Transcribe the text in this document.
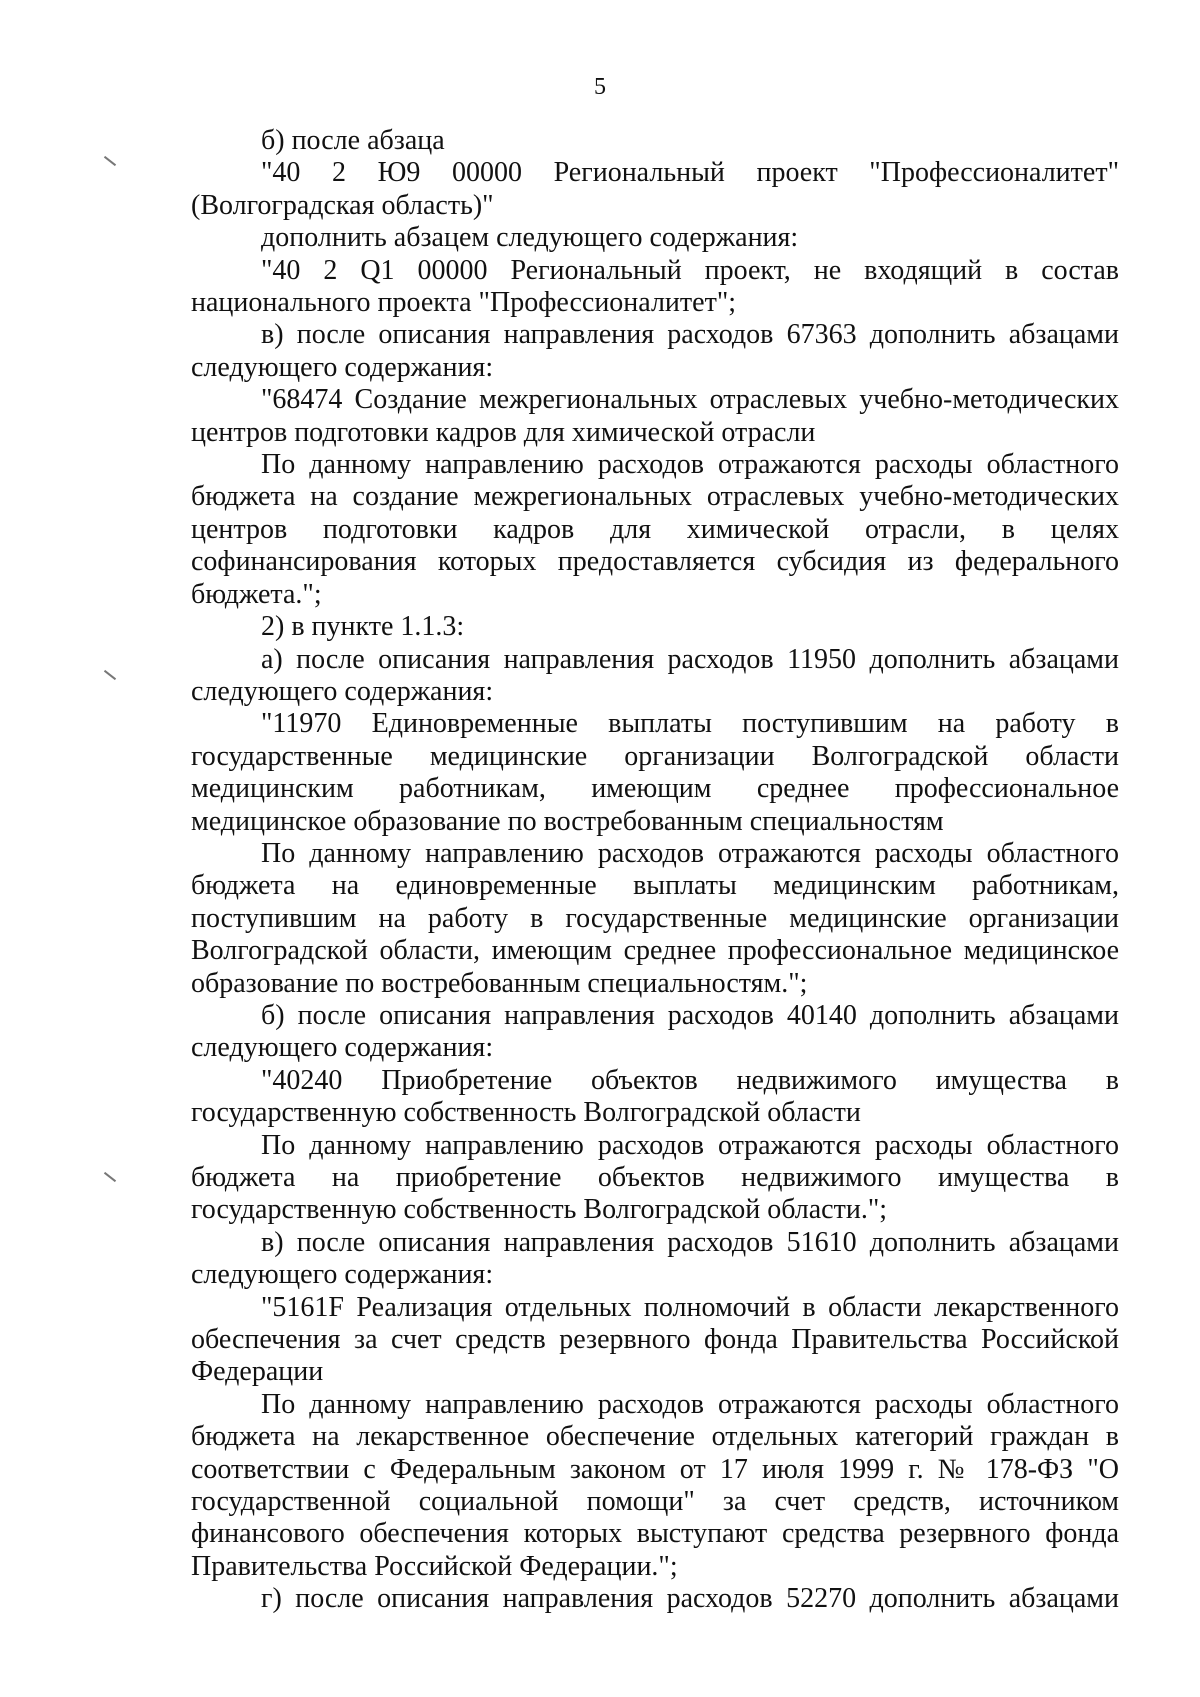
5

б) после абзаца

"40 2 Ю9 00000 Региональный проект "Профессионалитет" (Волгоградская область)"

дополнить абзацем следующего содержания:

"40 2 Q1 00000 Региональный проект, не входящий в состав национального проекта "Профессионалитет";

в) после описания направления расходов 67363 дополнить абзацами следующего содержания:

"68474 Создание межрегиональных отраслевых учебно-методических центров подготовки кадров для химической отрасли

По данному направлению расходов отражаются расходы областного бюджета на создание межрегиональных отраслевых учебно-методических центров подготовки кадров для химической отрасли, в целях софинансирования которых предоставляется субсидия из федерального бюджета.";

2) в пункте 1.1.3:

а) после описания направления расходов 11950 дополнить абзацами следующего содержания:

"11970 Единовременные выплаты поступившим на работу в государственные медицинские организации Волгоградской области медицинским работникам, имеющим среднее профессиональное медицинское образование по востребованным специальностям

По данному направлению расходов отражаются расходы областного бюджета на единовременные выплаты медицинским работникам, поступившим на работу в государственные медицинские организации Волгоградской области, имеющим среднее профессиональное медицинское образование по востребованным специальностям.";

б) после описания направления расходов 40140 дополнить абзацами следующего содержания:

"40240 Приобретение объектов недвижимого имущества в государственную собственность Волгоградской области

По данному направлению расходов отражаются расходы областного бюджета на приобретение объектов недвижимого имущества в государственную собственность Волгоградской области.";

в) после описания направления расходов 51610 дополнить абзацами следующего содержания:

"5161F Реализация отдельных полномочий в области лекарственного обеспечения за счет средств резервного фонда Правительства Российской Федерации

По данному направлению расходов отражаются расходы областного бюджета на лекарственное обеспечение отдельных категорий граждан в соответствии с Федеральным законом от 17 июля 1999 г. № 178-ФЗ "О государственной социальной помощи" за счет средств, источником финансового обеспечения которых выступают средства резервного фонда Правительства Российской Федерации.";

г) после описания направления расходов 52270 дополнить абзацами
